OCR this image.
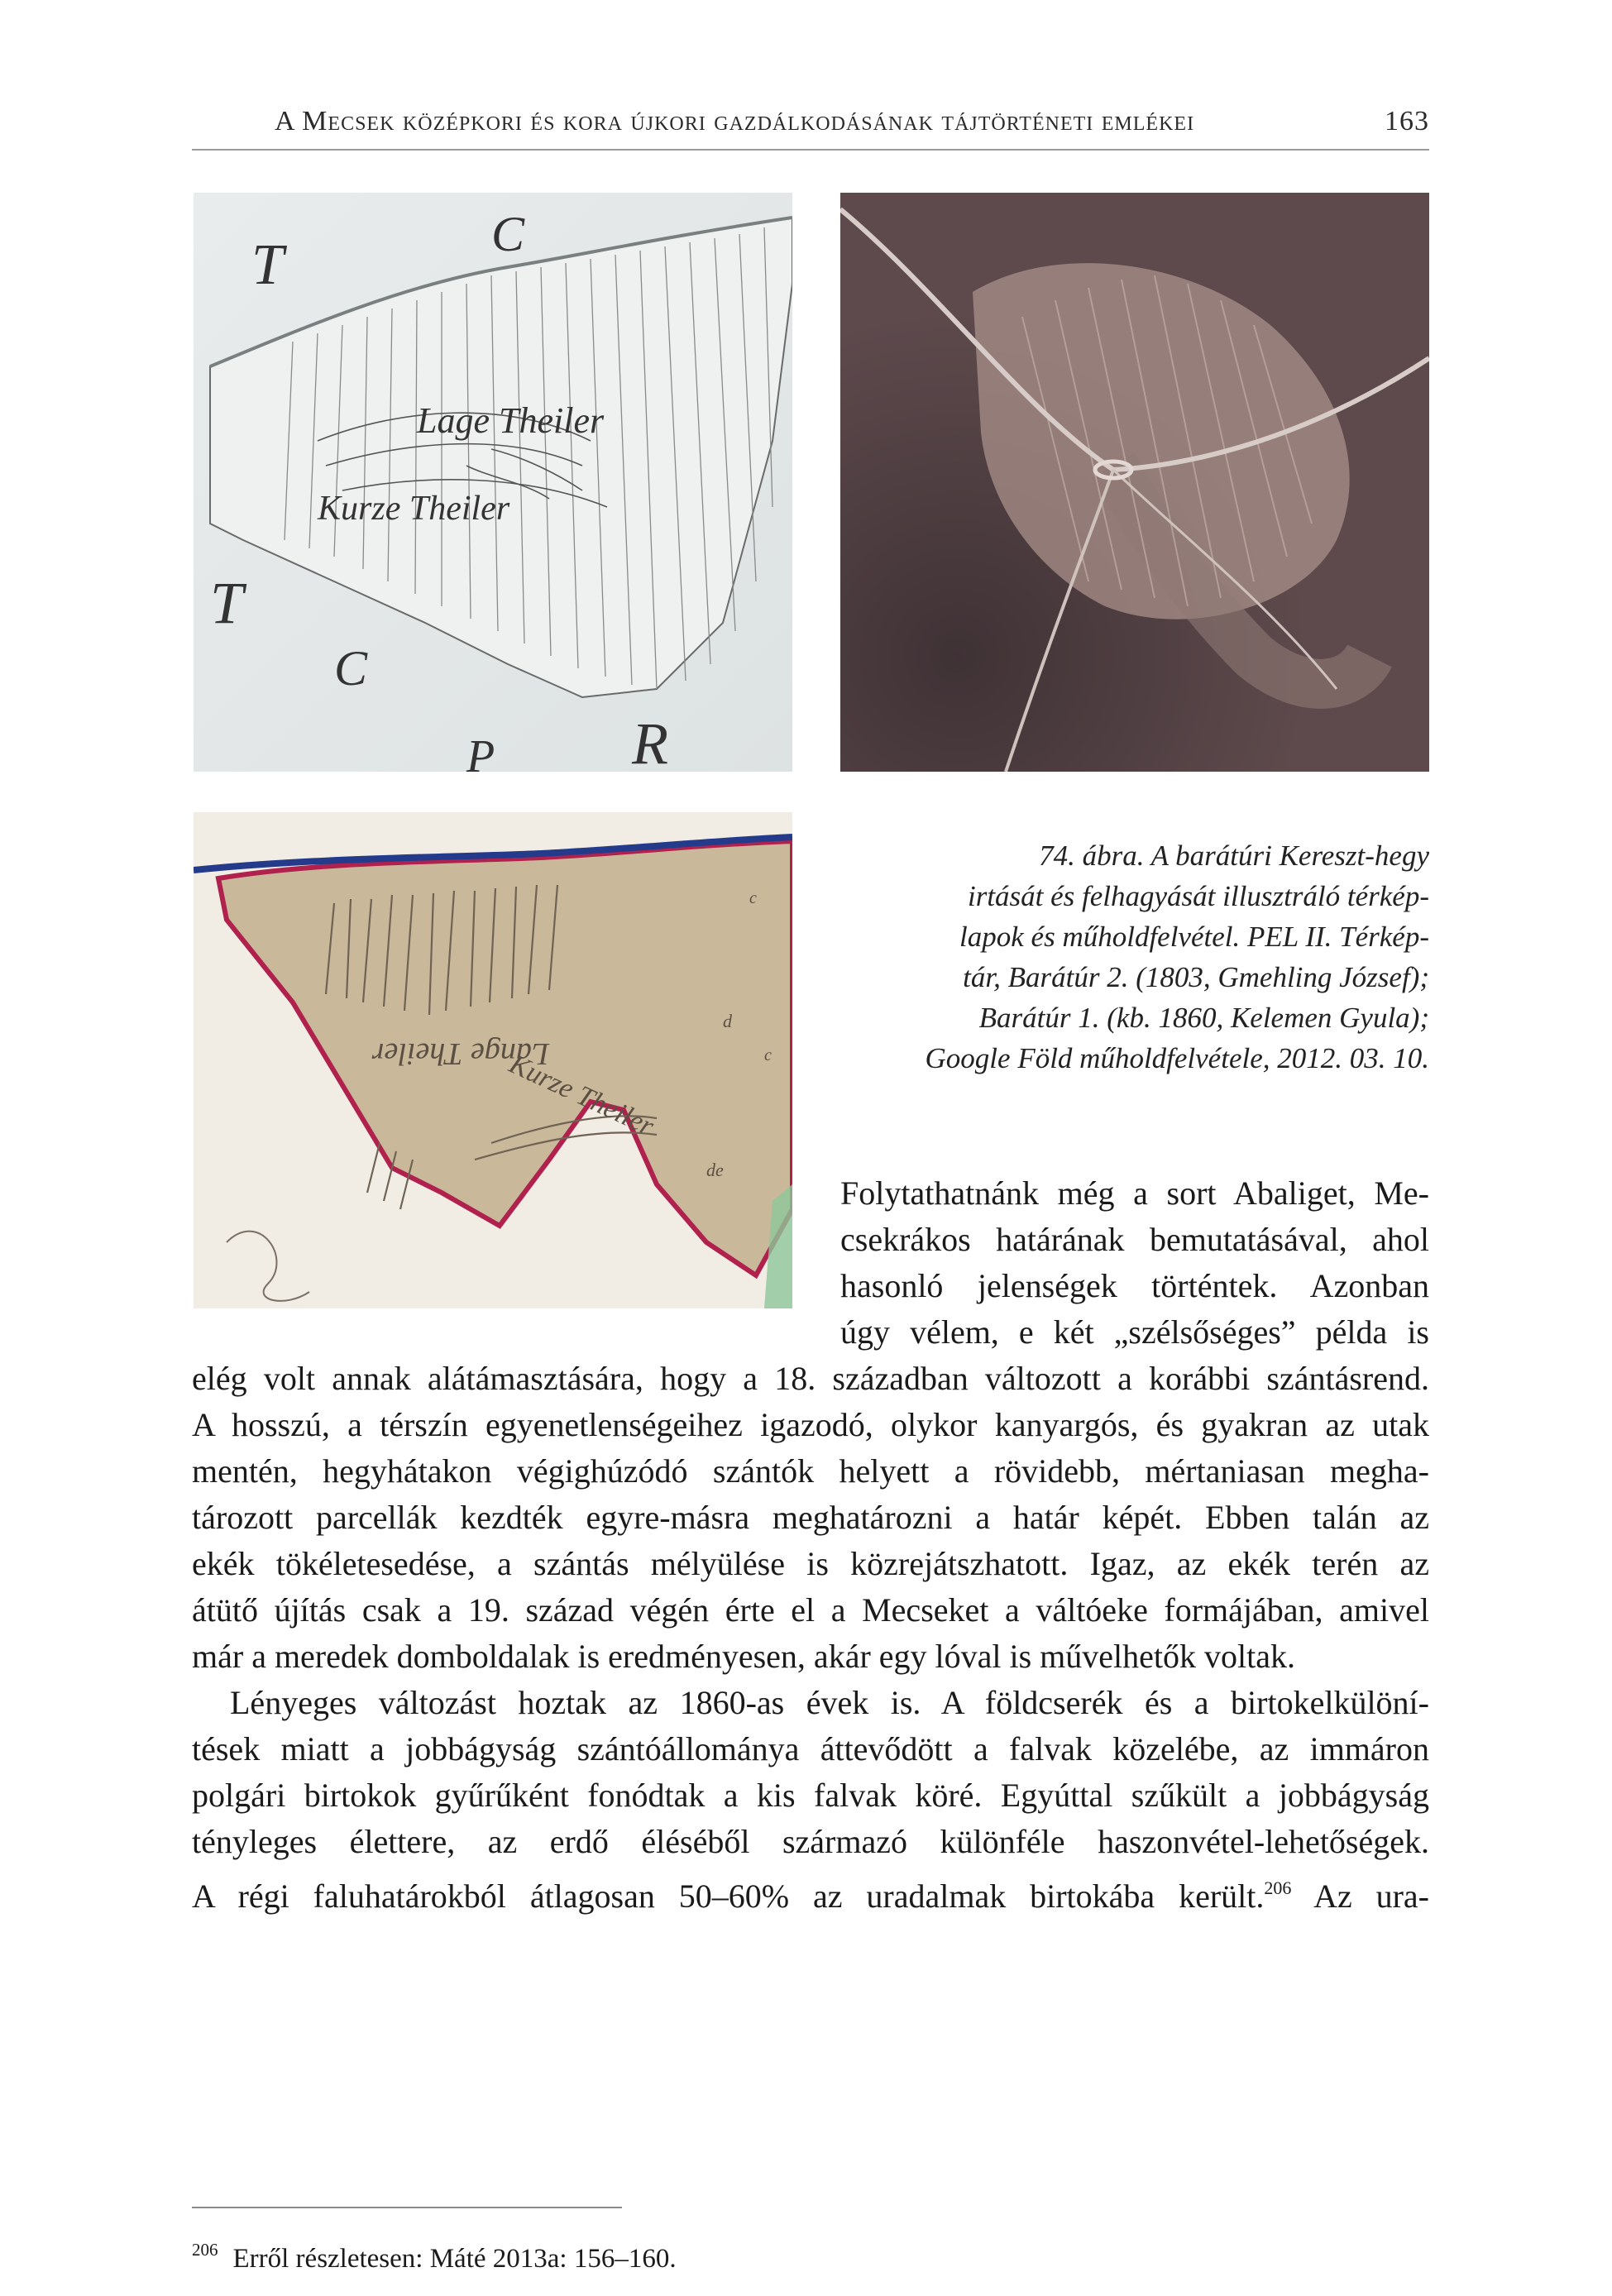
A Mecsek középkori és kora újkori gazdálkodásának tájtörténeti emlékei	163
Lage Theiler
Kurze Theiler
T	C
T
C
P R
Lange Theiler
Kurze Theiler
d
de
c
c
74. ábra. A barátúri Kereszt-hegy
irtását és felhagyását illusztráló térkép-
lapok és műholdfelvétel. PEL II. Térkép-
tár, Barátúr 2. (1803, Gmehling József);
Barátúr 1. (kb. 1860, Kelemen Gyula);
Google Föld műholdfelvétele, 2012. 03. 10.
Folytathatnánk még a sort Abaliget, Me-
csekrákos határának bemutatásával, ahol
hasonló jelenségek történtek. Azonban
úgy vélem, e két „szélsőséges” példa is
elég volt annak alátámasztására, hogy a 18. században változott a korábbi szántásrend.
A hosszú, a térszín egyenetlenségeihez igazodó, olykor kanyargós, és gyakran az utak
mentén, hegyhátakon végighúzódó szántók helyett a rövidebb, mértaniasan megha-
tározott parcellák kezdték egyre-másra meghatározni a határ képét. Ebben talán az
ekék tökéletesedése, a szántás mélyülése is közrejátszhatott. Igaz, az ekék terén az
átütő újítás csak a 19. század végén érte el a Mecseket a váltóeke formájában, amivel
már a meredek domboldalak is eredményesen, akár egy lóval is művelhetők voltak.
Lényeges változást hoztak az 1860-as évek is. A földcserék és a birtokelkülöní-
tések miatt a jobbágyság szántóállománya áttevődött a falvak közelébe, az immáron
polgári birtokok gyűrűként fonódtak a kis falvak köré. Egyúttal szűkült a jobbágyság
tényleges élettere, az erdő éléséből származó különféle haszonvétel-lehetőségek.
A régi faluhatárokból átlagosan 50–60% az uradalmak birtokába került.$^{206}$ Az ura-
$^{206}$ Erről részletesen: Máté 2013a: 156–160.
